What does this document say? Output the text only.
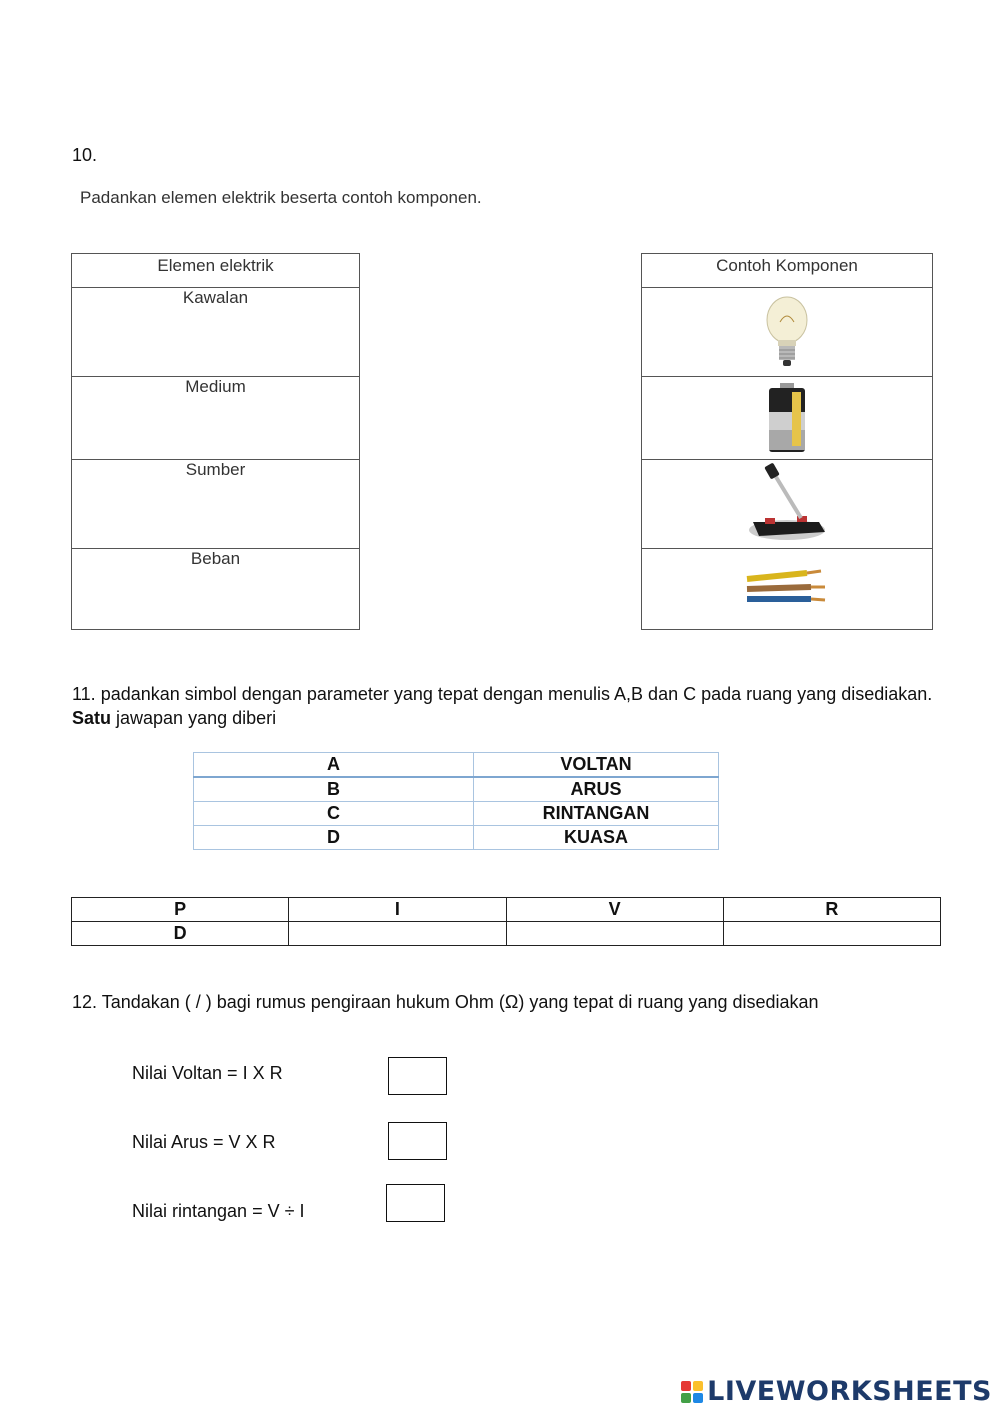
10.
Padankan elemen elektrik beserta contoh komponen.
Elemen elektrik
Kawalan
Medium
Sumber
Beban
Contoh Komponen
11. padankan simbol dengan parameter yang tepat dengan menulis A,B dan C pada ruang yang disediakan. Satu jawapan yang diberi
A	VOLTAN
B	ARUS
C	RINTANGAN
D	KUASA
P	I	V	R
D			
12. Tandakan ( / ) bagi rumus pengiraan hukum Ohm (Ω) yang tepat di ruang yang disediakan
Nilai Voltan = I X R
Nilai Arus = V X R
Nilai rintangan = V ÷ I
LIVEWORKSHEETS
